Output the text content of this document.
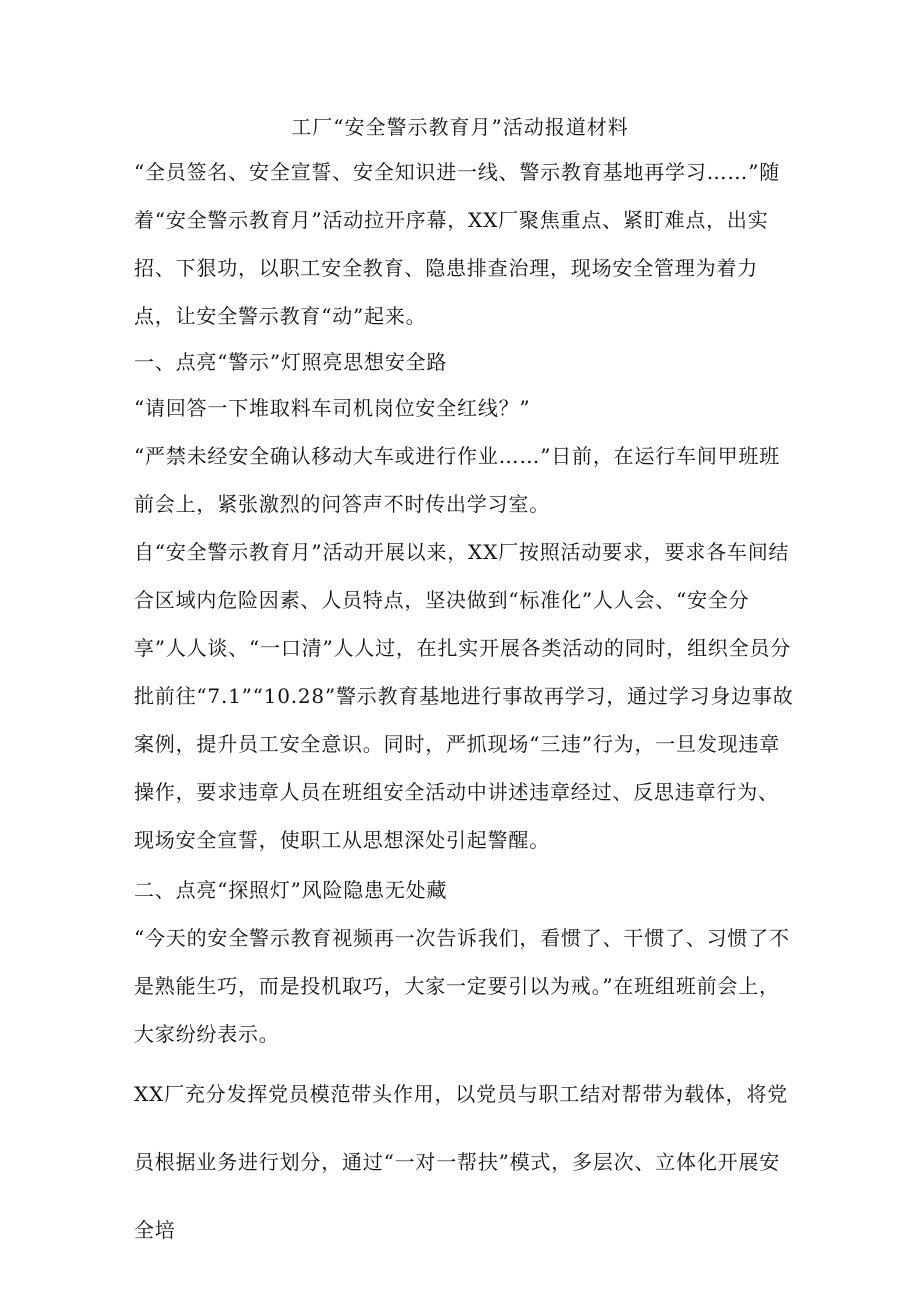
工厂“安全警示教育月”活动报道材料

“全员签名、安全宣誓、安全知识进一线、警示教育基地再学习……”随着“安全警示教育月”活动拉开序幕，XX厂聚焦重点、紧盯难点，出实招、下狠功，以职工安全教育、隐患排查治理，现场安全管理为着力点，让安全警示教育“动”起来。

一、点亮“警示”灯照亮思想安全路

“请回答一下堆取料车司机岗位安全红线？”

“严禁未经安全确认移动大车或进行作业……”日前，在运行车间甲班班前会上，紧张激烈的问答声不时传出学习室。

自“安全警示教育月”活动开展以来，XX厂按照活动要求，要求各车间结合区域内危险因素、人员特点，坚决做到“标准化”人人会、“安全分享”人人谈、“一口清”人人过，在扎实开展各类活动的同时，组织全员分批前往“7.1”“10.28”警示教育基地进行事故再学习，通过学习身边事故案例，提升员工安全意识。同时，严抓现场“三违”行为，一旦发现违章操作，要求违章人员在班组安全活动中讲述违章经过、反思违章行为、现场安全宣誓，使职工从思想深处引起警醒。

二、点亮“探照灯”风险隐患无处藏

“今天的安全警示教育视频再一次告诉我们，看惯了、干惯了、习惯了不是熟能生巧，而是投机取巧，大家一定要引以为戒。”在班组班前会上，大家纷纷表示。

XX厂充分发挥党员模范带头作用，以党员与职工结对帮带为载体，将党员根据业务进行划分，通过“一对一帮扶”模式，多层次、立体化开展安全培
